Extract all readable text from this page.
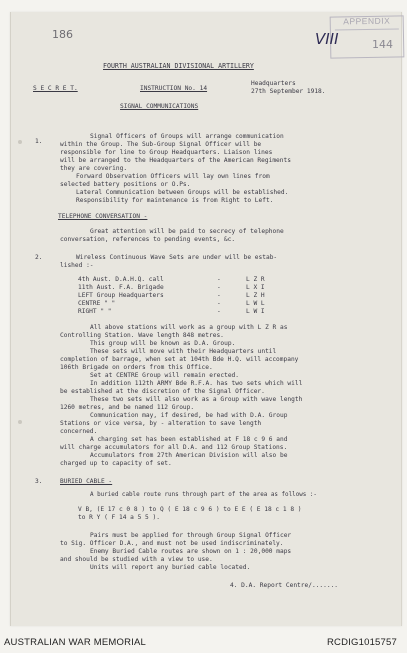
186
APPENDIX
VIII	144
FOURTH AUSTRALIAN DIVISIONAL ARTILLERY
S E C R E T.	INSTRUCTION No. 14
Headquarters
27th September 1918.
SIGNAL COMMUNICATIONS
1.
Signal Officers of Groups will arrange communication
within the Group. The Sub-Group Signal Officer will be
responsible for line to Group Headquarters. Liaison lines
will be arranged to the Headquarters of the American Regiments
they are covering.
Forward Observation Officers will lay own lines from
selected battery positions or O.Ps.
Lateral Communication between Groups will be established.
Responsibility for maintenance is from Right to Left.
TELEPHONE CONVERSATION -
Great attention will be paid to secrecy of telephone
conversation, references to pending events, &c.
2.	Wireless Continuous Wave Sets are under will be estab-
lished :-
4th Aust. D.A.H.Q. call	-	L Z R
11th Aust. F.A. Brigade	-	L X I
LEFT Group Headquarters	-	L Z H
CENTRE " "	-	L W L
RIGHT " "	-	L W I
All above stations will work as a group with L Z R as
Controlling Station. Wave length 848 metres.
This group will be known as D.A. Group.
These sets will move with their Headquarters until
completion of barrage, when set at 104th Bde H.Q. will accompany
106th Brigade on orders from this Office.
Set at CENTRE Group will remain erected.
In addition 112th ARMY Bde R.F.A. has two sets which will
be established at the discretion of the Signal Officer.
These two sets will also work as a Group with wave length
1260 metres, and be named 112 Group.
Communication may, if desired, be had with D.A. Group
Stations or vice versa, by - alteration to save length
concerned.
A charging set has been established at F 18 c 9 6 and
will charge accumulators for all D.A. and 112 Group Stations.
Accumulators from 27th American Division will also be
charged up to capacity of set.
3.	BURIED CABLE -
A buried cable route runs through part of the area as follows :-
V B, (E 17 c 0 8 ) to Q ( E 18 c 9 6 ) to E E ( E 18 c 1 8 )
to R Y ( F 14 a 5 5 ).
Pairs must be applied for through Group Signal Officer
to Sig. Officer D.A., and must not be used indiscriminately.
Enemy Buried Cable routes are shown on 1 : 20,000 maps
and should be studied with a view to use.
Units will report any buried cable located.
4. D.A. Report Centre/.......
AUSTRALIAN WAR MEMORIAL	RCDIG1015757
